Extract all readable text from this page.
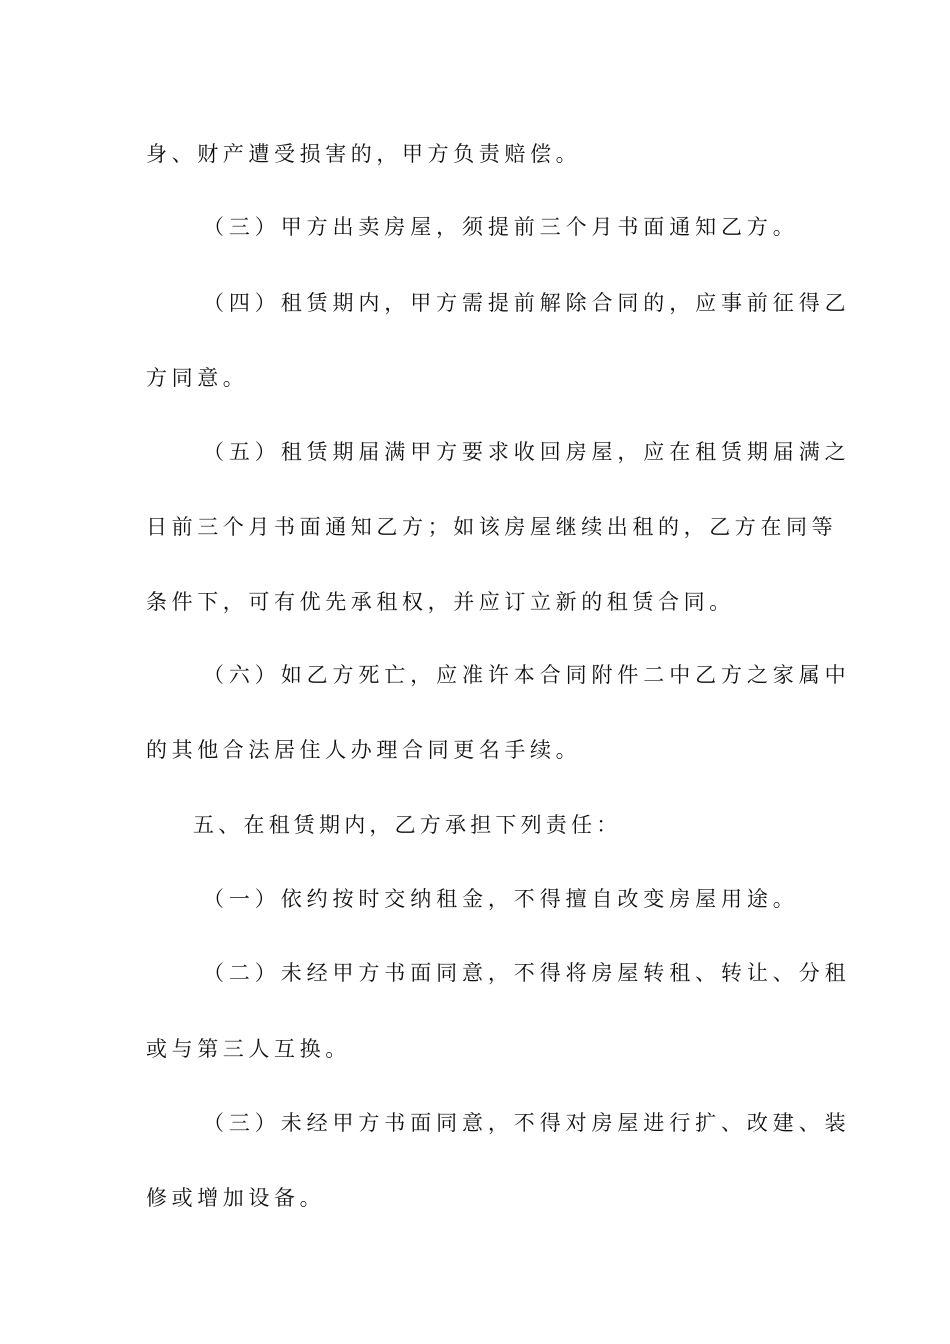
身、财产遭受损害的，甲方负责赔偿。
（三）甲方出卖房屋，须提前三个月书面通知乙方。
（四）租赁期内，甲方需提前解除合同的，应事前征得乙
方同意。
（五）租赁期届满甲方要求收回房屋，应在租赁期届满之
日前三个月书面通知乙方；如该房屋继续出租的，乙方在同等
条件下，可有优先承租权，并应订立新的租赁合同。
（六）如乙方死亡，应准许本合同附件二中乙方之家属中
的其他合法居住人办理合同更名手续。
五、在租赁期内，乙方承担下列责任：
（一）依约按时交纳租金，不得擅自改变房屋用途。
（二）未经甲方书面同意，不得将房屋转租、转让、分租
或与第三人互换。
（三）未经甲方书面同意，不得对房屋进行扩、改建、装
修或增加设备。
